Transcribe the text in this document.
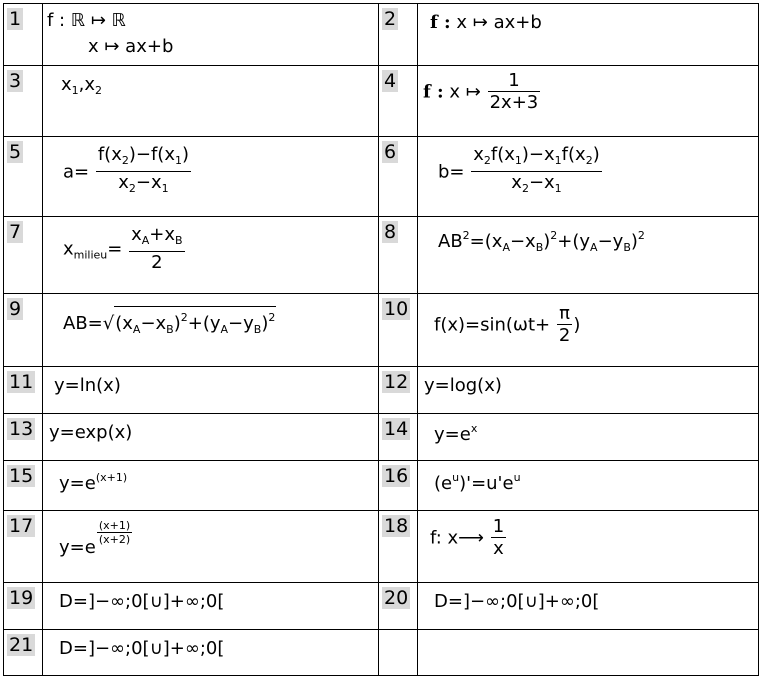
1	f : ℝ ↦ ℝ
x ↦ ax+b	2	f : x ↦ ax+b

3	$x_1,x_2$	4	f : x ↦ $\frac{1}{2x+3}$

5	$a= \frac{f(x_2)-f(x_1)}{x_2-x_1}$	6	$b= \frac{x_2f(x_1)-x_1f(x_2)}{x_2-x_1}$

7	$x_{milieu}= \frac{x_A+x_B}{2}$	8	$AB^2=(x_A-x_B)^2+(y_A-y_B)^2$

9	$AB=√(x_A-x_B)^2+(y_A-y_B)^2$	10	$f(x)=\sin(\omega t+ \frac{\pi}{2}$ )

11	y=ln(x)	12	y=log(x)

13	y=exp(x)	14	$y=e^x$

15	$y=e^{(x+1)}$	16	$(e^u)'=u'e^u$

17	y=e
$\frac{(x+1)}{(x+2)}$	18	f: x⟶ $\frac{1}{x}$

19	D=]−∞;0[∪]+∞;0[	20	D=]−∞;0[∪]+∞;0[

21	D=]−∞;0[∪]+∞;0[		
